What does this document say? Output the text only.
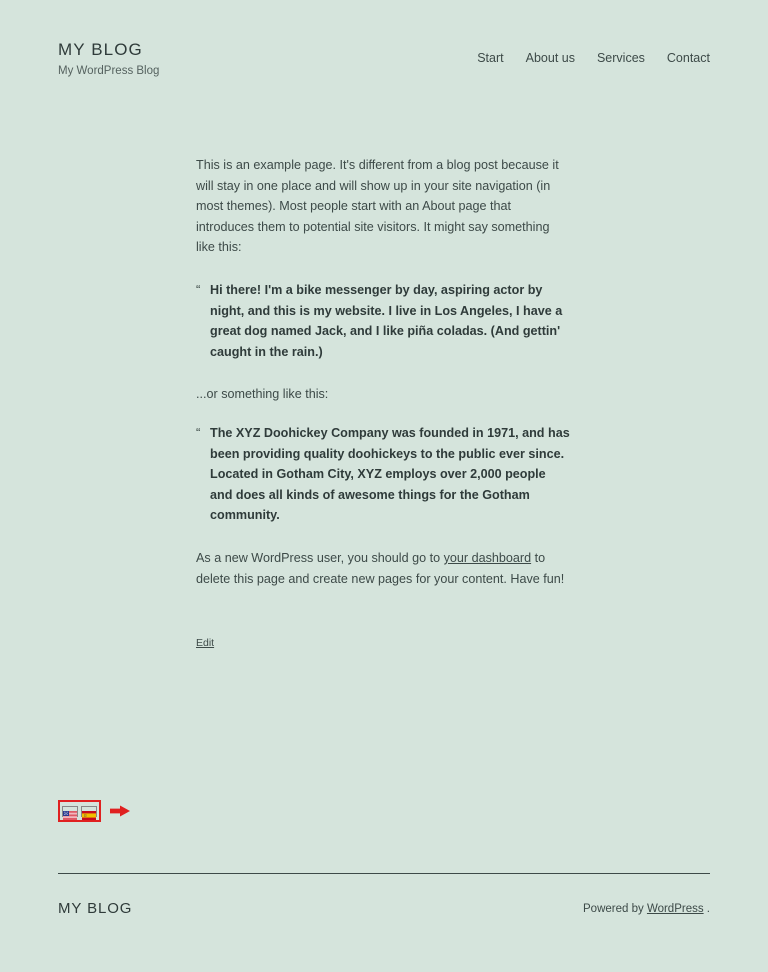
MY BLOG

My WordPress Blog

Start About us Services Contact

This is an example page. It's different from a blog post because it will stay in one place and will show up in your site navigation (in most themes). Most people start with an About page that introduces them to potential site visitors. It might say something like this:

“ Hi there! I'm a bike messenger by day, aspiring actor by night, and this is my website. I live in Los Angeles, I have a great dog named Jack, and I like piña coladas. (And gettin' caught in the rain.)

...or something like this:

“ The XYZ Doohickey Company was founded in 1971, and has been providing quality doohickeys to the public ever since. Located in Gotham City, XYZ employs over 2,000 people and does all kinds of awesome things for the Gotham community.

As a new WordPress user, you should go to your dashboard to delete this page and create new pages for your content. Have fun!

Edit
MY BLOG	Powered by WordPress .
